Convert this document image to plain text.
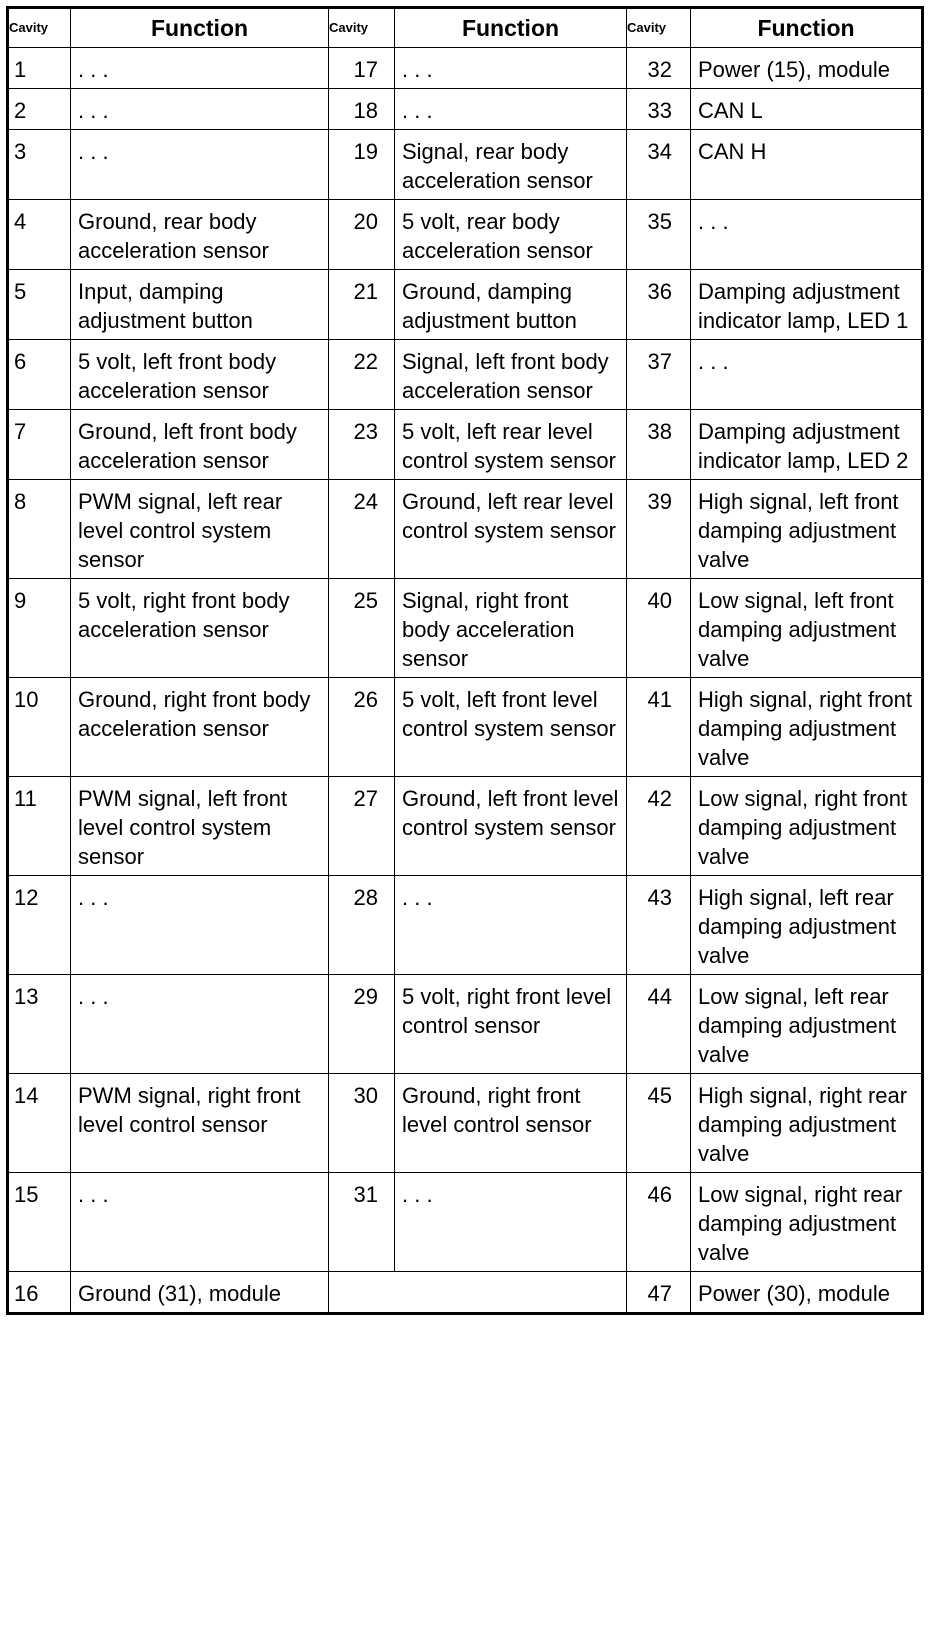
Cavity	Function	Cavity	Function	Cavity	Function
1	. . .	17	. . .	32	Power (15), module
2	. . .	18	. . .	33	CAN L
3	. . .	19	Signal, rear body acceleration sensor	34	CAN H
4	Ground, rear body acceleration sensor	20	5 volt, rear body acceleration sensor	35	. . .
5	Input, damping adjustment button	21	Ground, damping adjustment button	36	Damping adjustment indicator lamp, LED 1
6	5 volt, left front body acceleration sensor	22	Signal, left front body acceleration sensor	37	. . .
7	Ground, left front body acceleration sensor	23	5 volt, left rear level control system sensor	38	Damping adjustment indicator lamp, LED 2
8	PWM signal, left rear level control system sensor	24	Ground, left rear level control system sensor	39	High signal, left front damping adjustment valve
9	5 volt, right front body acceleration sensor	25	Signal, right front body acceleration sensor	40	Low signal, left front damping adjustment valve
10	Ground, right front body acceleration sensor	26	5 volt, left front level control system sensor	41	High signal, right front damping adjustment valve
11	PWM signal, left front level control system sensor	27	Ground, left front level control system sensor	42	Low signal, right front damping adjustment valve
12	. . .	28	. . .	43	High signal, left rear damping adjustment valve
13	. . .	29	5 volt, right front level control sensor	44	Low signal, left rear damping adjustment valve
14	PWM signal, right front level control sensor	30	Ground, right front level control sensor	45	High signal, right rear damping adjustment valve
15	. . .	31	. . .	46	Low signal, right rear damping adjustment valve
16	Ground (31), module			47	Power (30), module
